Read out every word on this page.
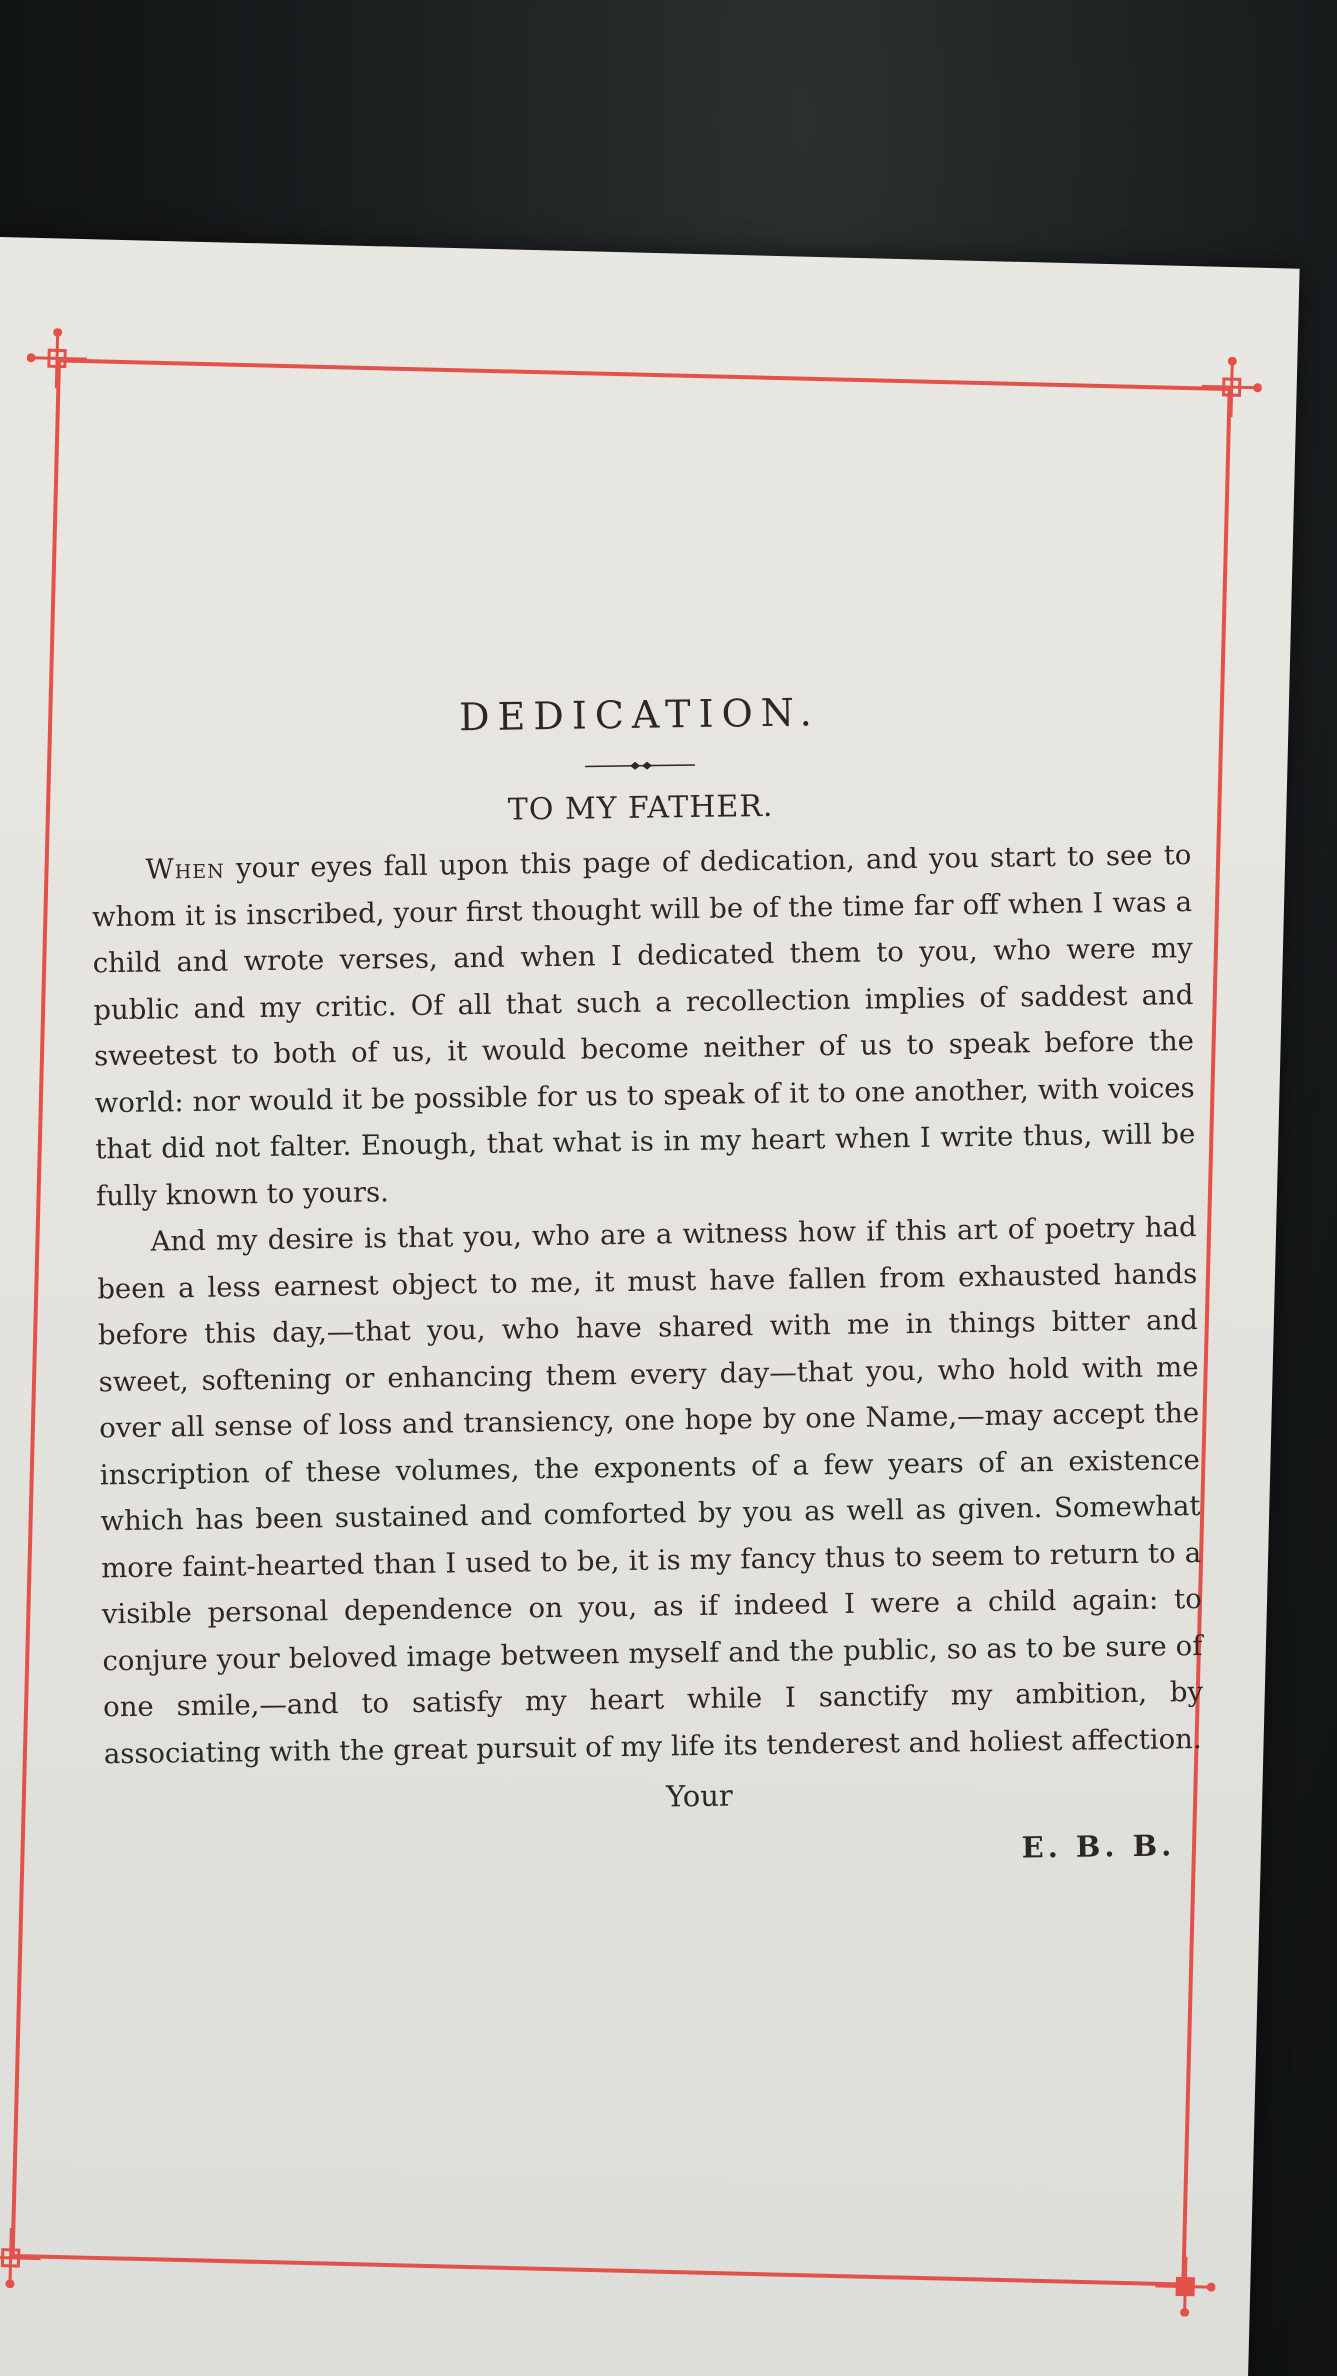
DEDICATION.
TO MY FATHER.

When your eyes fall upon this page of dedication, and you start to see to whom it is inscribed, your first thought will be of the time far off when I was a child and wrote verses, and when I dedicated them to you, who were my public and my critic. Of all that such a recollection implies of saddest and sweetest to both of us, it would become neither of us to speak before the world: nor would it be possible for us to speak of it to one another, with voices that did not falter. Enough, that what is in my heart when I write thus, will be fully known to yours.

And my desire is that you, who are a witness how if this art of poetry had been a less earnest object to me, it must have fallen from exhausted hands before this day,—that you, who have shared with me in things bitter and sweet, softening or enhancing them every day—that you, who hold with me over all sense of loss and transiency, one hope by one Name,—may accept the inscription of these volumes, the exponents of a few years of an existence which has been sustained and comforted by you as well as given. Somewhat more faint-hearted than I used to be, it is my fancy thus to seem to return to a visible personal dependence on you, as if indeed I were a child again: to conjure your beloved image between myself and the public, so as to be sure of one smile,—and to satisfy my heart while I sanctify my ambition, by associating with the great pursuit of my life its tenderest and holiest affection.

Your

E. B. B.
